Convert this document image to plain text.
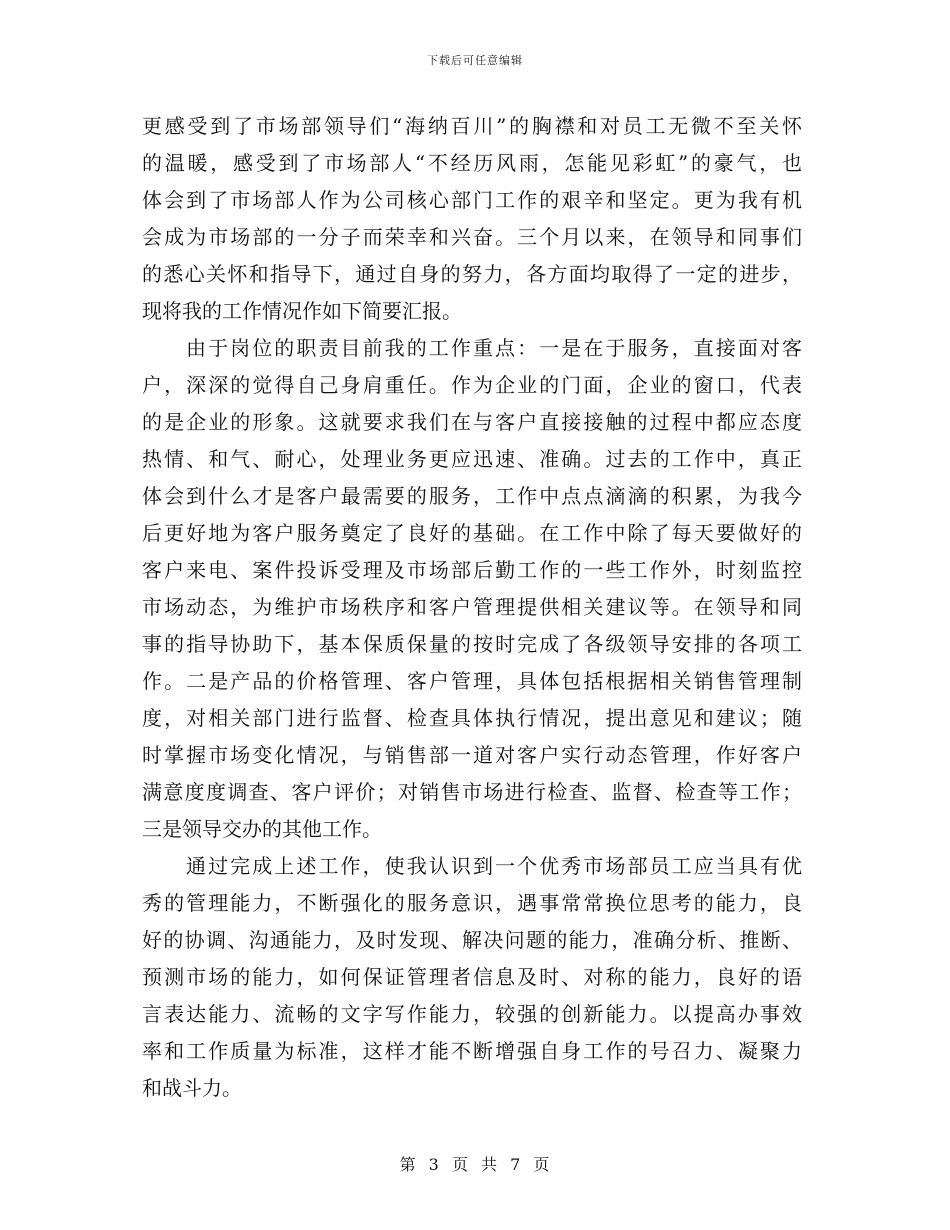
下载后可任意编辑
更感受到了市场部领导们“海纳百川”的胸襟和对员工无微不至关怀
的温暖，感受到了市场部人“不经历风雨，怎能见彩虹”的豪气，也
体会到了市场部人作为公司核心部门工作的艰辛和坚定。更为我有机
会成为市场部的一分子而荣幸和兴奋。三个月以来，在领导和同事们
的悉心关怀和指导下，通过自身的努力，各方面均取得了一定的进步，
现将我的工作情况作如下简要汇报。
由于岗位的职责目前我的工作重点：一是在于服务，直接面对客
户，深深的觉得自己身肩重任。作为企业的门面，企业的窗口，代表
的是企业的形象。这就要求我们在与客户直接接触的过程中都应态度
热情、和气、耐心，处理业务更应迅速、准确。过去的工作中，真正
体会到什么才是客户最需要的服务，工作中点点滴滴的积累，为我今
后更好地为客户服务奠定了良好的基础。在工作中除了每天要做好的
客户来电、案件投诉受理及市场部后勤工作的一些工作外，时刻监控
市场动态，为维护市场秩序和客户管理提供相关建议等。在领导和同
事的指导协助下，基本保质保量的按时完成了各级领导安排的各项工
作。二是产品的价格管理、客户管理，具体包括根据相关销售管理制
度，对相关部门进行监督、检查具体执行情况，提出意见和建议；随
时掌握市场变化情况，与销售部一道对客户实行动态管理，作好客户
满意度度调查、客户评价；对销售市场进行检查、监督、检查等工作；
三是领导交办的其他工作。
通过完成上述工作，使我认识到一个优秀市场部员工应当具有优
秀的管理能力，不断强化的服务意识，遇事常常换位思考的能力，良
好的协调、沟通能力，及时发现、解决问题的能力，准确分析、推断、
预测市场的能力，如何保证管理者信息及时、对称的能力，良好的语
言表达能力、流畅的文字写作能力，较强的创新能力。以提高办事效
率和工作质量为标准，这样才能不断增强自身工作的号召力、凝聚力
和战斗力。
第 3 页 共 7 页
